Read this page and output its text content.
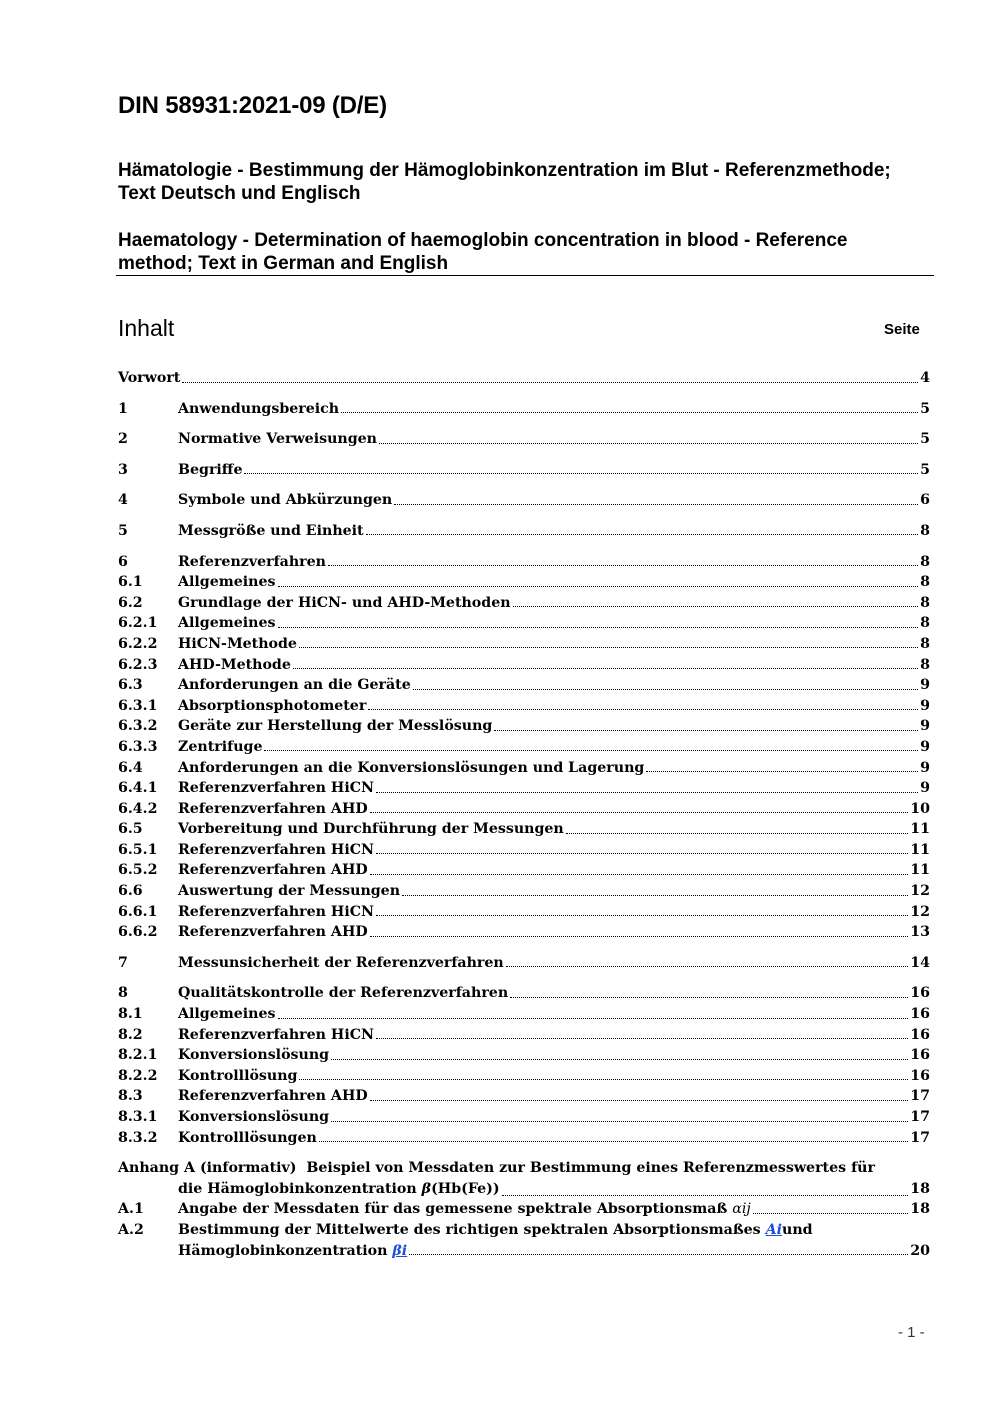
DIN 58931:2021-09 (D/E)
Hämatologie - Bestimmung der Hämoglobinkonzentration im Blut - Referenzmethode; Text Deutsch und Englisch
Haematology - Determination of haemoglobin concentration in blood - Reference method; Text in German and English
Inhalt	Seite
Vorwort	4
1	Anwendungsbereich	5
2	Normative Verweisungen	5
3	Begriffe	5
4	Symbole und Abkürzungen	6
5	Messgröße und Einheit	8
6	Referenzverfahren	8
6.1 Allgemeines	8
6.2 Grundlage der HiCN- und AHD-Methoden	8
6.2.1 Allgemeines	8
6.2.2 HiCN-Methode	8
6.2.3 AHD-Methode	8
6.3 Anforderungen an die Geräte	9
6.3.1 Absorptionsphotometer	9
6.3.2 Geräte zur Herstellung der Messlösung	9
6.3.3 Zentrifuge	9
6.4 Anforderungen an die Konversionslösungen und Lagerung	9
6.4.1 Referenzverfahren HiCN	9
6.4.2 Referenzverfahren AHD	10
6.5 Vorbereitung und Durchführung der Messungen	11
6.5.1 Referenzverfahren HiCN	11
6.5.2 Referenzverfahren AHD	11
6.6 Auswertung der Messungen	12
6.6.1 Referenzverfahren HiCN	12
6.6.2 Referenzverfahren AHD	13
7	Messunsicherheit der Referenzverfahren	14
8	Qualitätskontrolle der Referenzverfahren	16
8.1 Allgemeines	16
8.2 Referenzverfahren HiCN	16
8.2.1 Konversionslösung	16
8.2.2 Kontrolllösung	16
8.3 Referenzverfahren AHD	17
8.3.1 Konversionslösung	17
8.3.2 Kontrolllösungen	17
Anhang A (informativ) Beispiel von Messdaten zur Bestimmung eines Referenzmesswertes für
die Hämoglobinkonzentration
β (Hb(Fe))	18
A.1 Angabe der Messdaten für das gemessene spektrale Absorptionsmaß
αij	18
A.2 Bestimmung der Mittelwerte des richtigen spektralen Absorptionsmaßes Aiund
Hämoglobinkonzentration
βi	20
- 1 -
